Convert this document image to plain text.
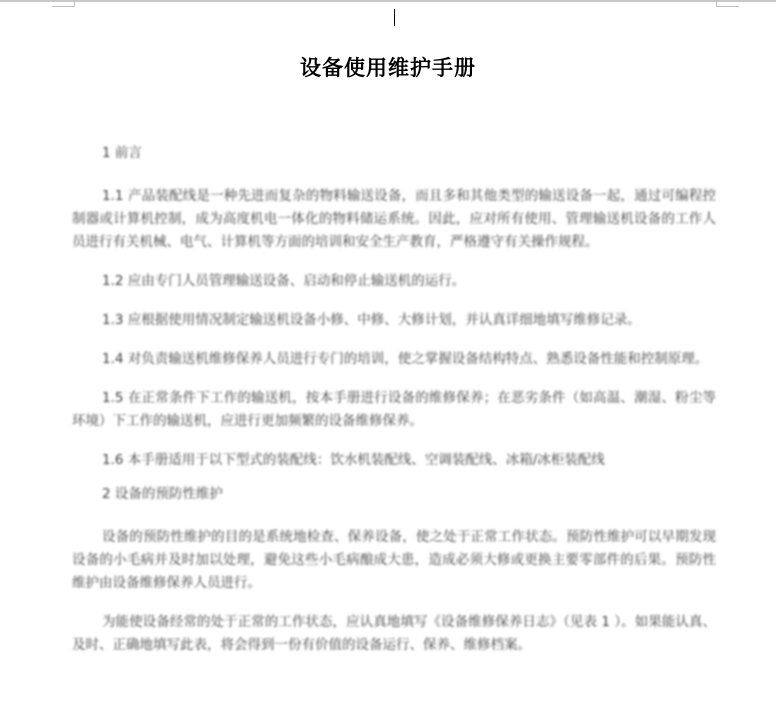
设备使用维护手册
1 前言
1.1 产品装配线是一种先进而复杂的物料输送设备，而且多和其他类型的输送设备一起，通过可编程控制器或计算机控制，成为高度机电一体化的物料储运系统。因此，应对所有使用、管理输送机设备的工作人员进行有关机械、电气、计算机等方面的培训和安全生产教育，严格遵守有关操作规程。
1.2 应由专门人员管理输送设备、启动和停止输送机的运行。
1.3 应根据使用情况制定输送机设备小修、中修、大修计划，并认真详细地填写维修记录。
1.4 对负责输送机维修保养人员进行专门的培训，使之掌握设备结构特点、熟悉设备性能和控制原理。
1.5 在正常条件下工作的输送机，按本手册进行设备的维修保养；在恶劣条件（如高温、潮湿、粉尘等环境）下工作的输送机，应进行更加频繁的设备维修保养。
1.6 本手册适用于以下型式的装配线：饮水机装配线、空调装配线、冰箱/冰柜装配线
2 设备的预防性维护
设备的预防性维护的目的是系统地检查、保养设备，使之处于正常工作状态。预防性维护可以早期发现设备的小毛病并及时加以处理，避免这些小毛病酿成大患，造成必须大修或更换主要零部件的后果。预防性维护由设备维修保养人员进行。
为能使设备经常的处于正常的工作状态，应认真地填写《设备维修保养日志》（见表 1 ）。如果能认真、及时、正确地填写此表，将会得到一份有价值的设备运行、保养、维修档案。
